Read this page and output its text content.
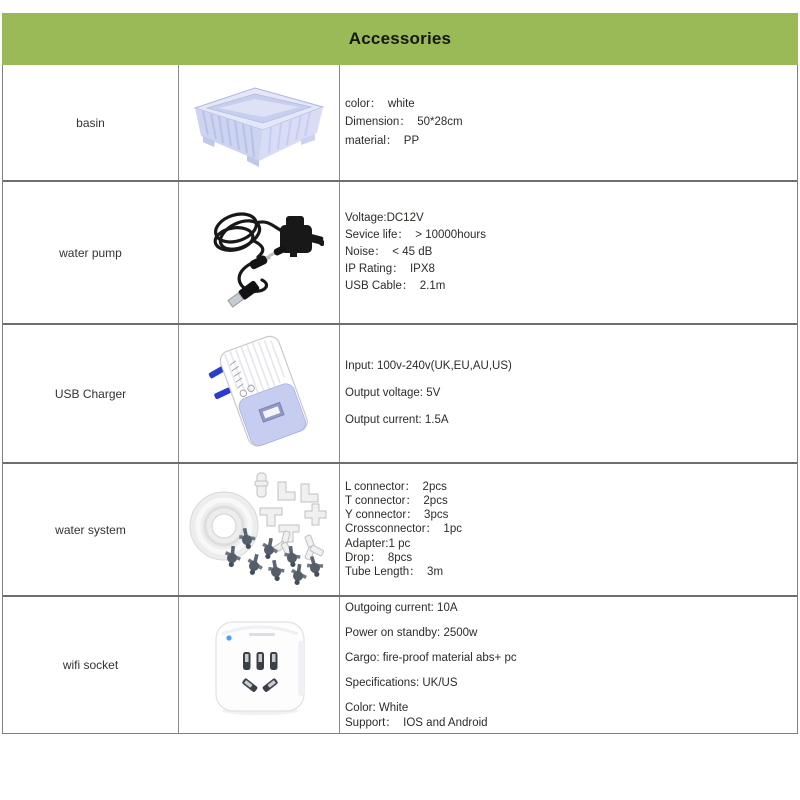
Accessories
basin
color：  white
Dimension：  50*28cm
material：  PP
water pump
Voltage:DC12V
Sevice life：  > 10000hours
Noise：  < 45 dB
IP Rating：  IPX8
USB Cable：  2.1m
USB Charger
Input: 100v-240v(UK,EU,AU,US)
Output voltage: 5V
Output current: 1.5A
water system
L connector：  2pcs
T connector：  2pcs
Y connector：  3pcs
Crossconnector：  1pc
Adapter:1 pc
Drop：  8pcs
Tube Length：  3m
wifi socket
Outgoing current: 10A
Power on standby: 2500w
Cargo: fire-proof material abs+ pc
Specifications: UK/US
Color: White
Support：  IOS and Android
